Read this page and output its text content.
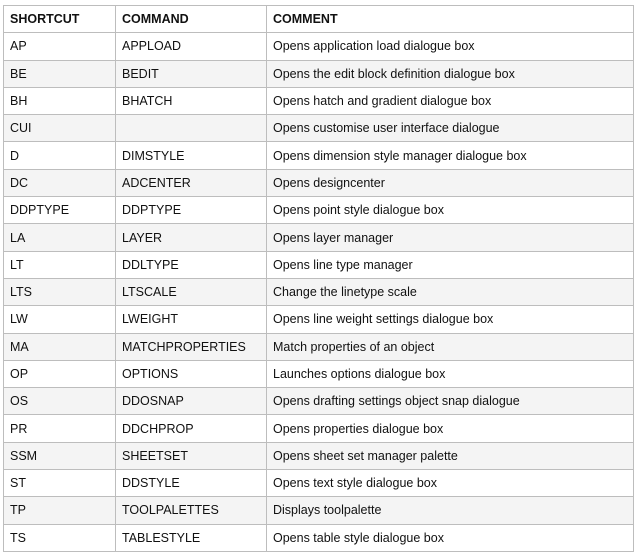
SHORTCUT	COMMAND	COMMENT
AP	APPLOAD	Opens application load dialogue box
BE	BEDIT	Opens the edit block definition dialogue box
BH	BHATCH	Opens hatch and gradient dialogue box
CUI		Opens customise user interface dialogue
D	DIMSTYLE	Opens dimension style manager dialogue box
DC	ADCENTER	Opens designcenter
DDPTYPE	DDPTYPE	Opens point style dialogue box
LA	LAYER	Opens layer manager
LT	DDLTYPE	Opens line type manager
LTS	LTSCALE	Change the linetype scale
LW	LWEIGHT	Opens line weight settings dialogue box
MA	MATCHPROPERTIES	Match properties of an object
OP	OPTIONS	Launches options dialogue box
OS	DDOSNAP	Opens drafting settings object snap dialogue
PR	DDCHPROP	Opens properties dialogue box
SSM	SHEETSET	Opens sheet set manager palette
ST	DDSTYLE	Opens text style dialogue box
TP	TOOLPALETTES	Displays toolpalette
TS	TABLESTYLE	Opens table style dialogue box
